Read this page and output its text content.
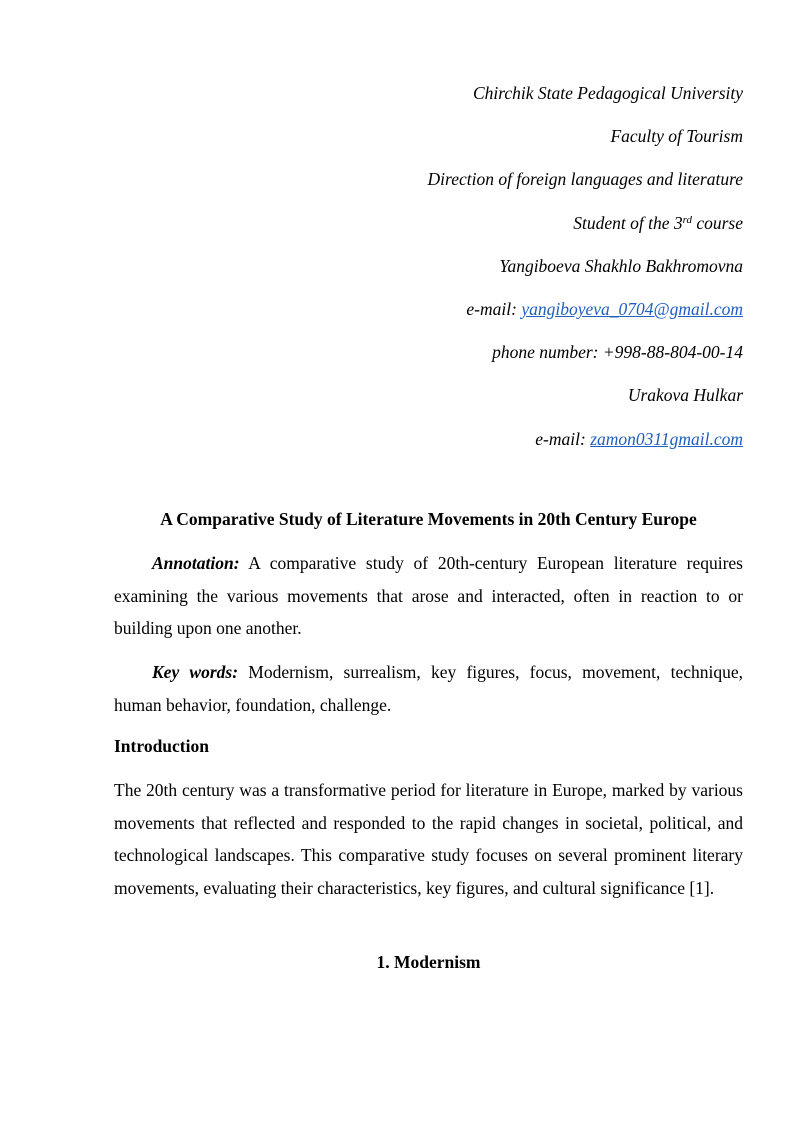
Chirchik State Pedagogical University
Faculty of Tourism
Direction of foreign languages and literature
Student of the 3rd course
Yangiboeva Shakhlo Bakhromovna
e-mail: yangiboyeva_0704@gmail.com
phone number: +998-88-804-00-14
Urakova Hulkar
e-mail: zamon0311gmail.com
A Comparative Study of Literature Movements in 20th Century Europe

Annotation: A comparative study of 20th-century European literature requires examining the various movements that arose and interacted, often in reaction to or building upon one another.

Key words: Modernism, surrealism, key figures, focus, movement, technique, human behavior, foundation, challenge.

Introduction

The 20th century was a transformative period for literature in Europe, marked by various movements that reflected and responded to the rapid changes in societal, political, and technological landscapes. This comparative study focuses on several prominent literary movements, evaluating their characteristics, key figures, and cultural significance [1].

1. Modernism
